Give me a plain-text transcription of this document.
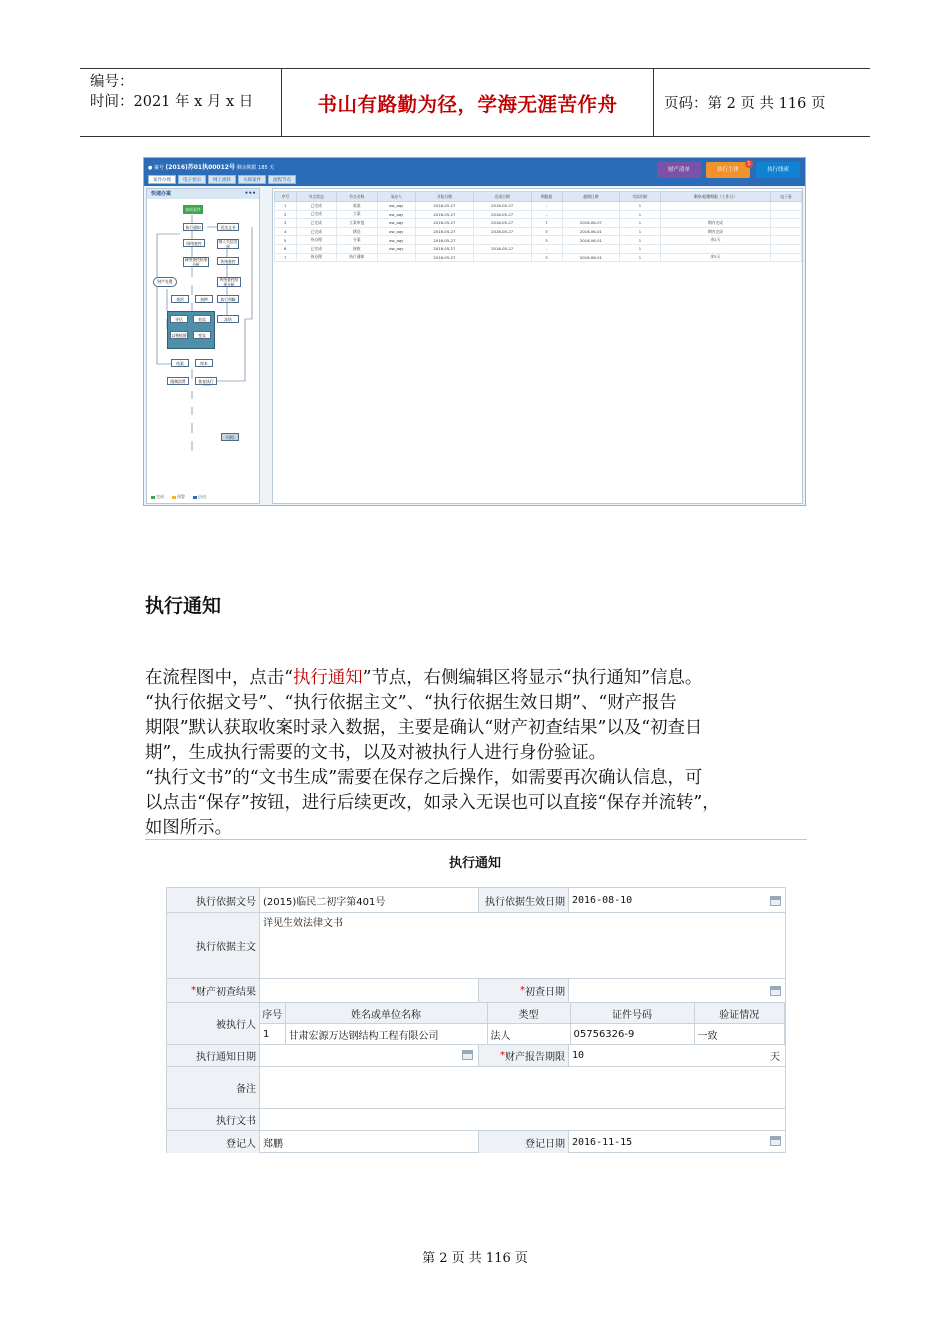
编号：
时间：2021 年 x 月 x 日	书山有路勤为径，学海无涯苦作舟	页码：第 2 页 共 116 页
● 案号 (2016)苏01执00012号 剩余期限 185 天
案件办理	电子卷宗	网上流转	关联案件	流程节点
财产清单	执行主体
1
执行线索
快速办案	•••
接收案件
执行通知	送达文书
网络查控	纳入失信名单
网络查控结果分析	传统查控
传统查控结果分析
财产处置
执行和解
查封	扣押
冻结
评估	拍卖
以物抵债	变卖
结案	终本
限制消费	恢复执行
归档
完成	预警	启动
序号	节点状态	节点名称	承办人	开始日期	完成日期	期限值	超期日期	实际用时	剩余/超期期限（工作日）	电子卷
1	已完成	收案	aw_aqy	2016-05-27	2016-05-27	-		1		
2	已完成	立案	aw_aqy	2016-05-27	2016-05-27	-		1		
3	已完成	立案审批	aw_aqy	2016-05-27	2016-05-27	7	2016-06-07	1	期内完成	
4	已完成	移送	aw_aqy	2016-05-27	2016-05-27	3	2016-06-01	1	期内完成	
5	待办理	分案	aw_aqy	2016-05-27		3	2016-06-01	1	余2天	
6	已完成	接收	dw_aqy	2016-05-27	2016-05-27	-		1		
7	待办理	执行通知		2016-05-27		3	2016-06-01	1	余2天	
执行通知
在流程图中，点击“执行通知”节点，右侧编辑区将显示“执行通知”信息。
“执行依据文号”、“执行依据主文”、“执行依据生效日期”、“财产报告
期限”默认获取收案时录入数据，主要是确认“财产初查结果”以及“初查日
期”，生成执行需要的文书，以及对被执行人进行身份验证。
“执行文书”的“文书生成”需要在保存之后操作，如需要再次确认信息，可
以点击“保存”按钮，进行后续更改，如录入无误也可以直接“保存并流转”，
如图所示。
执行通知
执行依据文号 (2015)临民二初字第401号	执行依据生效日期 2016-08-10
执行依据主文
详见生效法律文书
* 财产初查结果	* 初查日期
被执行人
序号	姓名或单位名称	类型	证件号码	验证情况
1	甘肃宏源万达钢结构工程有限公司	法人	05756326-9	一致
执行通知日期	* 财产报告期限 10	天
备注
执行文书
登记人 郑鹏	登记日期 2016-11-15
第 2 页 共 116 页
